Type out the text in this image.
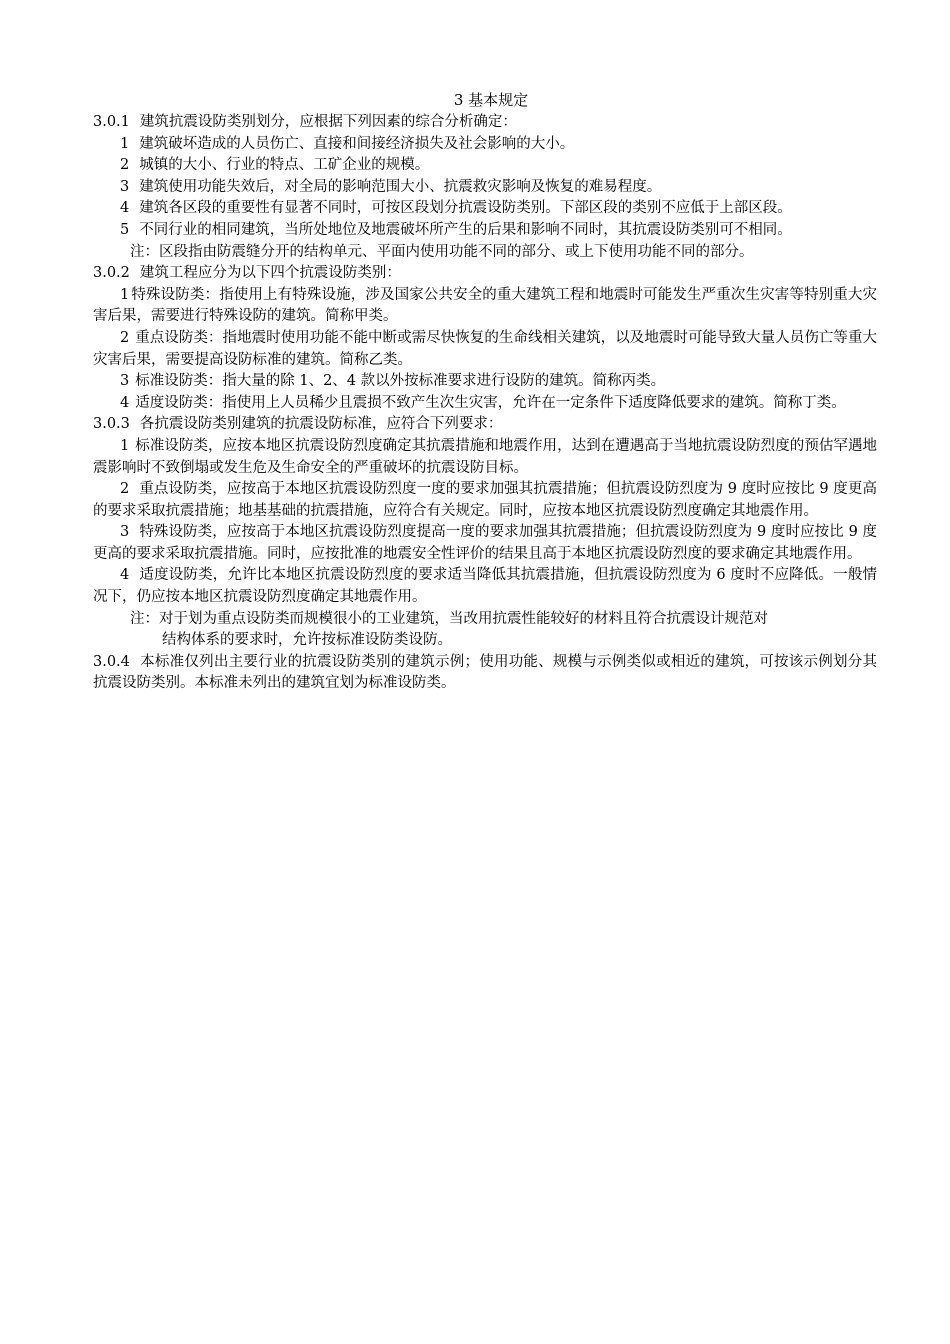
3 基本规定

3.0.1 建筑抗震设防类别划分，应根据下列因素的综合分析确定：

1 建筑破坏造成的人员伤亡、直接和间接经济损失及社会影响的大小。

2 城镇的大小、行业的特点、工矿企业的规模。

3 建筑使用功能失效后，对全局的影响范围大小、抗震救灾影响及恢复的难易程度。

4 建筑各区段的重要性有显著不同时，可按区段划分抗震设防类别。下部区段的类别不应低于上部区段。

5 不同行业的相同建筑，当所处地位及地震破坏所产生的后果和影响不同时，其抗震设防类别可不相同。

注：区段指由防震缝分开的结构单元、平面内使用功能不同的部分、或上下使用功能不同的部分。

3.0.2 建筑工程应分为以下四个抗震设防类别：

1 特殊设防类：指使用上有特殊设施，涉及国家公共安全的重大建筑工程和地震时可能发生严重次生灾害等特别重大灾害后果，需要进行特殊设防的建筑。简称甲类。

2 重点设防类：指地震时使用功能不能中断或需尽快恢复的生命线相关建筑，以及地震时可能导致大量人员伤亡等重大灾害后果，需要提高设防标准的建筑。简称乙类。

3 标准设防类：指大量的除 1、2、4 款以外按标准要求进行设防的建筑。简称丙类。

4 适度设防类：指使用上人员稀少且震损不致产生次生灾害，允许在一定条件下适度降低要求的建筑。简称丁类。

3.0.3 各抗震设防类别建筑的抗震设防标准，应符合下列要求：

1 标准设防类，应按本地区抗震设防烈度确定其抗震措施和地震作用，达到在遭遇高于当地抗震设防烈度的预估罕遇地震影响时不致倒塌或发生危及生命安全的严重破坏的抗震设防目标。

2 重点设防类，应按高于本地区抗震设防烈度一度的要求加强其抗震措施；但抗震设防烈度为 9 度时应按比 9 度更高的要求采取抗震措施；地基基础的抗震措施，应符合有关规定。同时，应按本地区抗震设防烈度确定其地震作用。

3 特殊设防类，应按高于本地区抗震设防烈度提高一度的要求加强其抗震措施；但抗震设防烈度为 9 度时应按比 9 度更高的要求采取抗震措施。同时，应按批准的地震安全性评价的结果且高于本地区抗震设防烈度的要求确定其地震作用。

4 适度设防类，允许比本地区抗震设防烈度的要求适当降低其抗震措施，但抗震设防烈度为 6 度时不应降低。一般情况下，仍应按本地区抗震设防烈度确定其地震作用。

注：对于划为重点设防类而规模很小的工业建筑，当改用抗震性能较好的材料且符合抗震设计规范对

结构体系的要求时，允许按标准设防类设防。

3.0.4 本标准仅列出主要行业的抗震设防类别的建筑示例；使用功能、规模与示例类似或相近的建筑，可按该示例划分其抗震设防类别。本标准未列出的建筑宜划为标准设防类。
